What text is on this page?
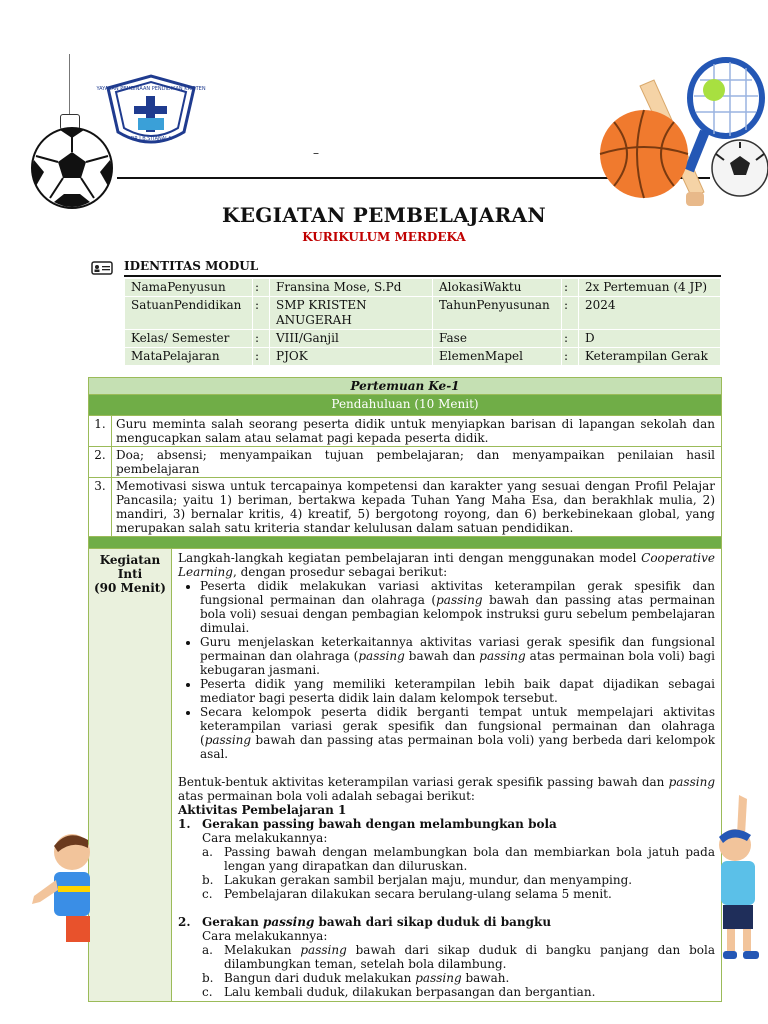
YAYASAN PEMBINAAN PENDIDIKAN KRISTEN
DR.J.B.SITANALA
–
KEGIATAN PEMBELAJARAN
KURIKULUM MERDEKA
IDENTITAS MODUL
NamaPenyusun	:	Fransina Mose, S.Pd	AlokasiWaktu	:	2x Pertemuan (4 JP)
SatuanPendidikan	:	SMP KRISTEN ANUGERAH	TahunPenyusunan	:	2024
Kelas/ Semester	:	VIII/Ganjil	Fase	:	D
MataPelajaran	:	PJOK	ElemenMapel	:	Keterampilan Gerak
Pertemuan Ke-1
Pendahuluan (10 Menit)

1.	Guru meminta salah seorang peserta didik untuk menyiapkan barisan di lapangan sekolah dan mengucapkan salam atau selamat pagi kepada peserta didik.
2.	Doa; absensi; menyampaikan tujuan pembelajaran; dan menyampaikan penilaian hasil pembelajaran
3.	Memotivasi siswa untuk tercapainya kompetensi dan karakter yang sesuai dengan Profil Pelajar Pancasila; yaitu 1) beriman, bertakwa kepada Tuhan Yang Maha Esa, dan berakhlak mulia, 2) mandiri, 3) bernalar kritis, 4) kreatif, 5) bergotong royong, dan 6) berkebinekaan global, yang merupakan salah satu kriteria standar kelulusan dalam satuan pendidikan.

Kegiatan
Inti
(90 Menit)

Langkah-langkah kegiatan pembelajaran inti dengan menggunakan model Cooperative Learning, dengan prosedur sebagai berikut:

• Peserta didik melakukan variasi aktivitas keterampilan gerak spesifik dan fungsional permainan dan olahraga (passing bawah dan passing atas permainan bola voli) sesuai dengan pembagian kelompok instruksi guru sebelum pembelajaran dimulai.
• Guru menjelaskan keterkaitannya aktivitas variasi gerak spesifik dan fungsional permainan dan olahraga (passing bawah dan passing atas permainan bola voli) bagi kebugaran jasmani.
• Peserta didik yang memiliki keterampilan lebih baik dapat dijadikan sebagai mediator bagi peserta didik lain dalam kelompok tersebut.
• Secara kelompok peserta didik berganti tempat untuk mempelajari aktivitas keterampilan variasi gerak spesifik dan fungsional permainan dan olahraga (passing bawah dan passing atas permainan bola voli) yang berbeda dari kelompok asal.

Bentuk-bentuk aktivitas keterampilan variasi gerak spesifik passing bawah dan passing atas permainan bola voli adalah sebagai berikut:

Aktivitas Pembelajaran 1

1. Gerakan passing bawah dengan melambungkan bola
Cara melakukannya:
a. Passing bawah dengan melambungkan bola dan membiarkan bola jatuh pada lengan yang dirapatkan dan diluruskan.
b. Lakukan gerakan sambil berjalan maju, mundur, dan menyamping.
c. Pembelajaran dilakukan secara berulang-ulang selama 5 menit.
2. Gerakan passing bawah dari sikap duduk di bangku
Cara melakukannya:
a. Melakukan passing bawah dari sikap duduk di bangku panjang dan bola dilambungkan teman, setelah bola dilambung.
b. Bangun dari duduk melakukan passing bawah.
c. Lalu kembali duduk, dilakukan berpasangan dan bergantian.
